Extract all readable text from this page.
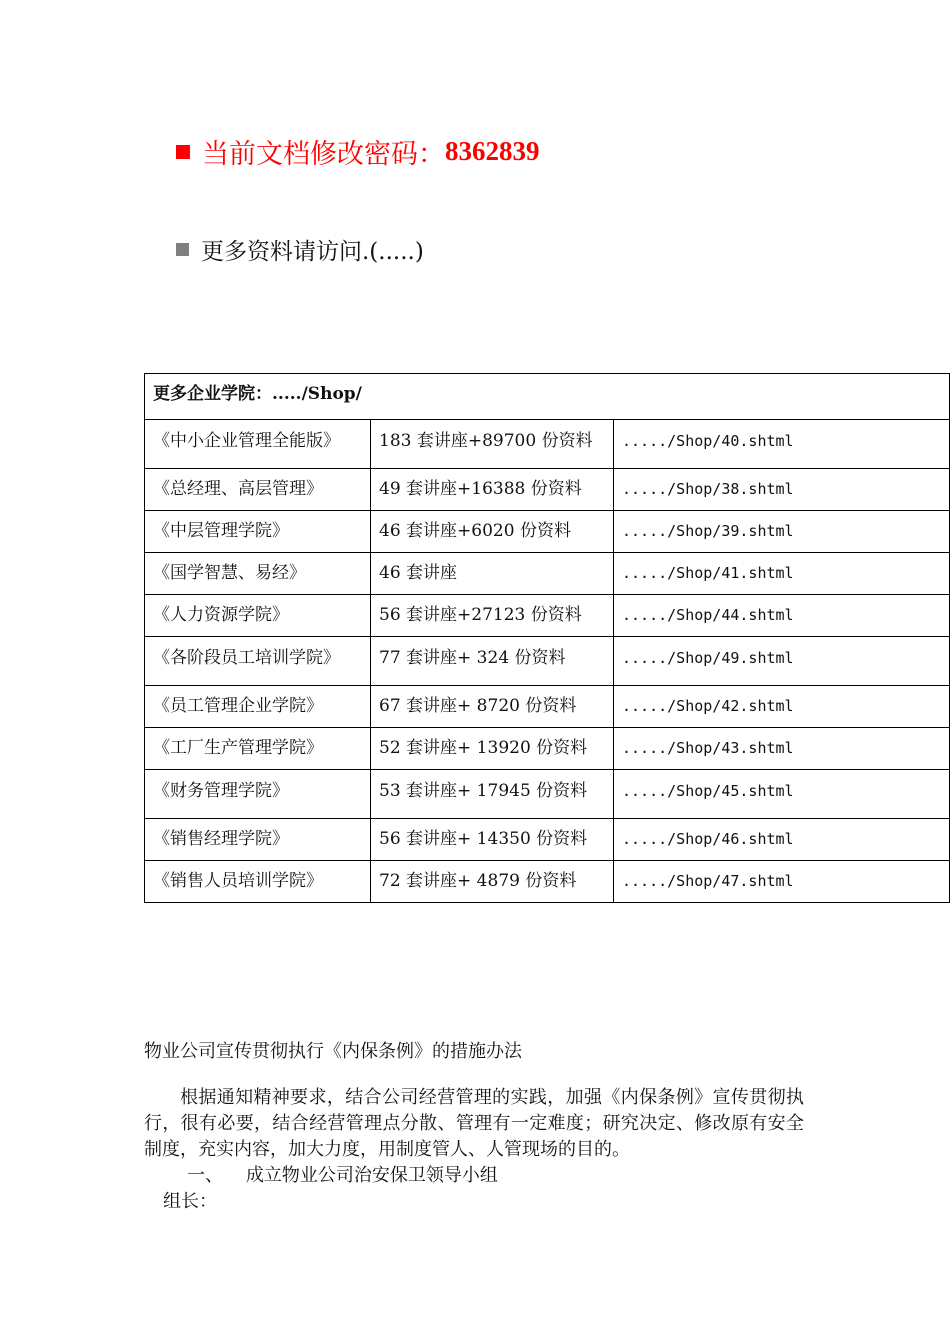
当前文档修改密码： 8362839
更多资料请访问.(.....)
更多企业学院：...../Shop/		
《中小企业管理全能版》	183 套讲座+89700 份资料	...../Shop/40.shtml
《总经理、高层管理》	49 套讲座+16388 份资料	...../Shop/38.shtml
《中层管理学院》	46 套讲座+6020 份资料	...../Shop/39.shtml
《国学智慧、易经》	46 套讲座	...../Shop/41.shtml
《人力资源学院》	56 套讲座+27123 份资料	...../Shop/44.shtml
《各阶段员工培训学院》	77 套讲座+ 324 份资料	...../Shop/49.shtml
《员工管理企业学院》	67 套讲座+ 8720 份资料	...../Shop/42.shtml
《工厂生产管理学院》	52 套讲座+ 13920 份资料	...../Shop/43.shtml
《财务管理学院》	53 套讲座+ 17945 份资料	...../Shop/45.shtml
《销售经理学院》	56 套讲座+ 14350 份资料	...../Shop/46.shtml
《销售人员培训学院》	72 套讲座+ 4879 份资料	...../Shop/47.shtml
物业公司宣传贯彻执行《内保条例》的措施办法
根据通知精神要求，结合公司经营管理的实践，加强《内保条例》宣传贯彻执行，很有必要，结合经营管理点分散、管理有一定难度；研究决定、修改原有安全制度，充实内容，加大力度，用制度管人、人管现场的目的。
一、 成立物业公司治安保卫领导小组
组长：
